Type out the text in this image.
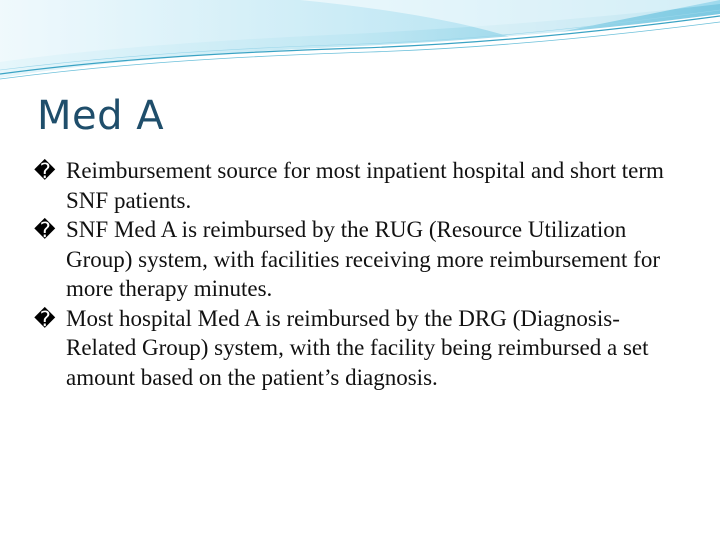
Med A
� Reimbursement source for most inpatient hospital and short term SNF patients.
� SNF Med A is reimbursed by the RUG (Resource Utilization Group) system, with facilities receiving more reimbursement for more therapy minutes.
� Most hospital Med A is reimbursed by the DRG (Diagnosis-Related Group) system, with the facility being reimbursed a set amount based on the patient’s diagnosis.
